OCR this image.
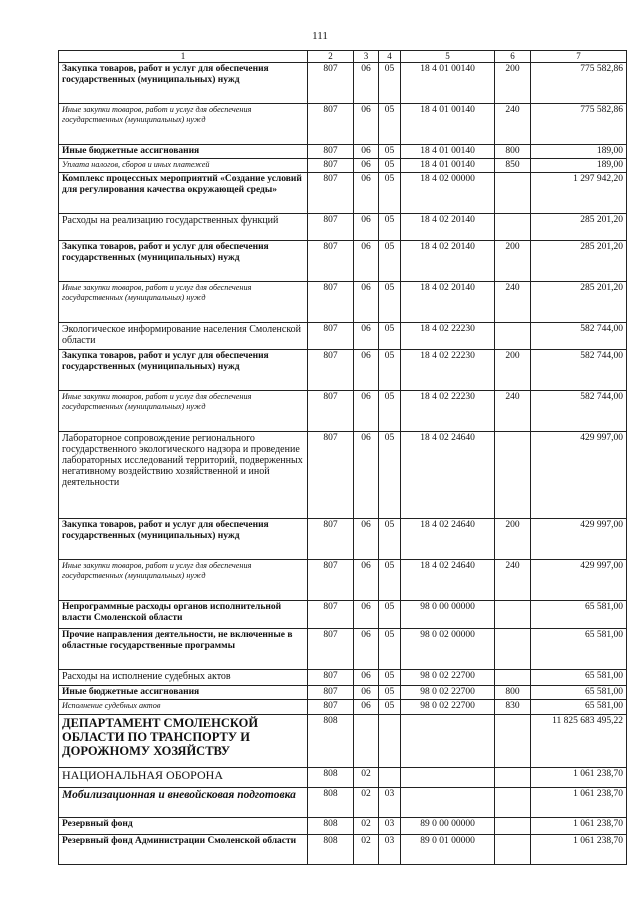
111
1	2	3	4	5	6	7
Закупка товаров, работ и услуг для обеспечения государственных (муниципальных) нужд	807	06	05	18 4 01 00140	200	775 582,86
Иные закупки товаров, работ и услуг для обеспечения государственных (муниципальных) нужд	807	06	05	18 4 01 00140	240	775 582,86
Иные бюджетные ассигнования	807	06	05	18 4 01 00140	800	189,00
Уплата налогов, сборов и иных платежей	807	06	05	18 4 01 00140	850	189,00
Комплекс процессных мероприятий «Создание условий для регулирования качества окружающей среды»	807	06	05	18 4 02 00000		1 297 942,20
Расходы на реализацию государственных функций	807	06	05	18 4 02 20140		285 201,20
Закупка товаров, работ и услуг для обеспечения государственных (муниципальных) нужд	807	06	05	18 4 02 20140	200	285 201,20
Иные закупки товаров, работ и услуг для обеспечения государственных (муниципальных) нужд	807	06	05	18 4 02 20140	240	285 201,20
Экологическое информирование населения Смоленской области	807	06	05	18 4 02 22230		582 744,00
Закупка товаров, работ и услуг для обеспечения государственных (муниципальных) нужд	807	06	05	18 4 02 22230	200	582 744,00
Иные закупки товаров, работ и услуг для обеспечения государственных (муниципальных) нужд	807	06	05	18 4 02 22230	240	582 744,00
Лабораторное сопровождение регионального государственного экологического надзора и проведение лабораторных исследований территорий, подверженных негативному воздействию хозяйственной и иной деятельности	807	06	05	18 4 02 24640		429 997,00
Закупка товаров, работ и услуг для обеспечения государственных (муниципальных) нужд	807	06	05	18 4 02 24640	200	429 997,00
Иные закупки товаров, работ и услуг для обеспечения государственных (муниципальных) нужд	807	06	05	18 4 02 24640	240	429 997,00
Непрограммные расходы органов исполнительной власти Смоленской области	807	06	05	98 0 00 00000		65 581,00
Прочие направления деятельности, не включенные в областные государственные программы	807	06	05	98 0 02 00000		65 581,00
Расходы на исполнение судебных актов	807	06	05	98 0 02 22700		65 581,00
Иные бюджетные ассигнования	807	06	05	98 0 02 22700	800	65 581,00
Исполнение судебных актов	807	06	05	98 0 02 22700	830	65 581,00
ДЕПАРТАМЕНТ СМОЛЕНСКОЙ ОБЛАСТИ ПО ТРАНСПОРТУ И ДОРОЖНОМУ ХОЗЯЙСТВУ	808					11 825 683 495,22
НАЦИОНАЛЬНАЯ ОБОРОНА	808	02				1 061 238,70
Мобилизационная и вневойсковая подготовка	808	02	03			1 061 238,70
Резервный фонд	808	02	03	89 0 00 00000		1 061 238,70
Резервный фонд Администрации Смоленской области	808	02	03	89 0 01 00000		1 061 238,70
